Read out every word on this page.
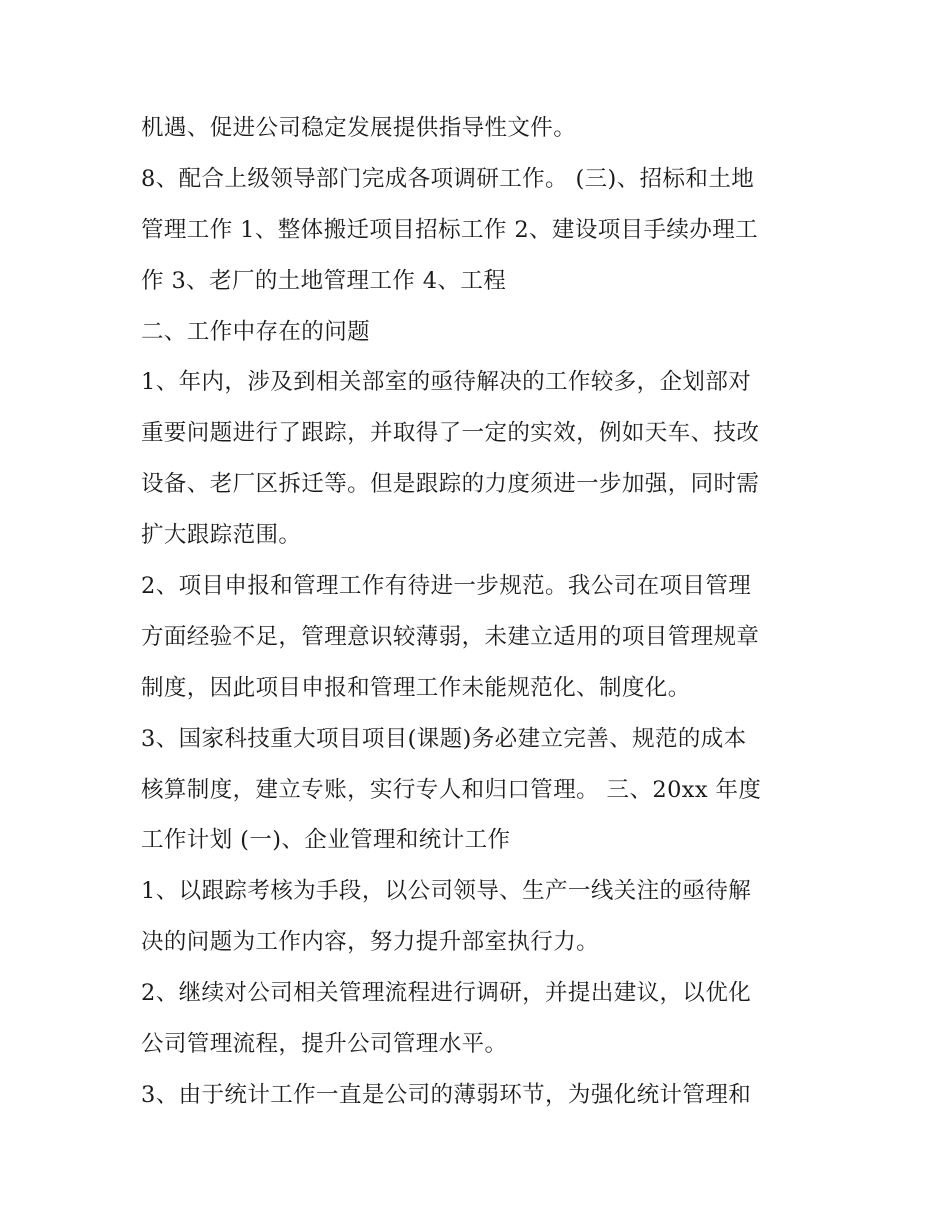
机遇、促进公司稳定发展提供指导性文件。
8、配合上级领导部门完成各项调研工作。 (三)、招标和土地
管理工作 1、整体搬迁项目招标工作 2、建设项目手续办理工
作 3、老厂的土地管理工作 4、工程
二、工作中存在的问题
1、年内，涉及到相关部室的亟待解决的工作较多，企划部对
重要问题进行了跟踪，并取得了一定的实效，例如天车、技改
设备、老厂区拆迁等。但是跟踪的力度须进一步加强，同时需
扩大跟踪范围。
2、项目申报和管理工作有待进一步规范。我公司在项目管理
方面经验不足，管理意识较薄弱，未建立适用的项目管理规章
制度，因此项目申报和管理工作未能规范化、制度化。
3、国家科技重大项目项目(课题)务必建立完善、规范的成本
核算制度，建立专账，实行专人和归口管理。 三、20xx 年度
工作计划 (一)、企业管理和统计工作
1、以跟踪考核为手段，以公司领导、生产一线关注的亟待解
决的问题为工作内容，努力提升部室执行力。
2、继续对公司相关管理流程进行调研，并提出建议，以优化
公司管理流程，提升公司管理水平。
3、由于统计工作一直是公司的薄弱环节，为强化统计管理和
